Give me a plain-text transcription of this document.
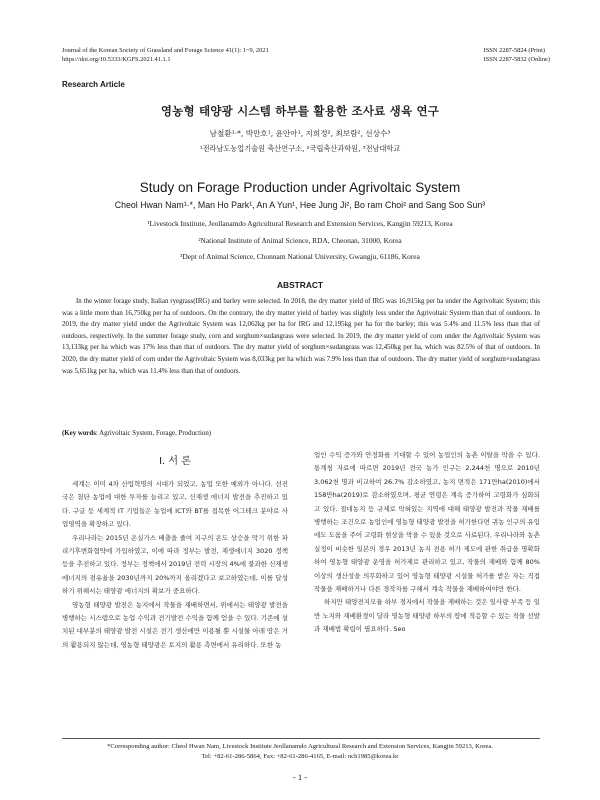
Journal of the Korean Society of Grassland and Forage Science 41(1): 1~9, 2021
https://doi.org/10.5333/KGFS.2021.41.1.1
ISSN 2287-5824 (Print)
ISSN 2287-5832 (Online)
Research Article
영농형 태양광 시스템 하부를 활용한 조사료 생육 연구
남철환¹·*, 박만호¹, 윤안아¹, 지희정², 최보람², 선상수³
¹전라남도농업기술원 축산연구소, ²국립축산과학원, ³전남대학교
Study on Forage Production under Agrivoltaic System
Cheol Hwan Nam¹·*, Man Ho Park¹, An A Yun¹, Hee Jung Ji², Bo ram Choi² and Sang Soo Sun³
¹Livestock Institute, Jeollanamdo Agricultural Research and Extension Services, Kangjin 59213, Korea
²National Institute of Animal Science, RDA, Cheonan, 31000, Korea
³Dept of Animal Science, Chonnam National University, Gwangju, 61186, Korea
ABSTRACT
In the winter forage study, Italian ryegrass(IRG) and barley were selected. In 2018, the dry matter yield of IRG was 16,915kg per ha under the Agrivoltaic System; this was a little more than 16,750kg per ha of outdoors. On the contrary, the dry matter yield of barley was slightly less under the Agrivoltaic System than that of outdoors. In 2019, the dry matter yield under the Agrivoltaic System was 12,062kg per ha for IRG and 12,195kg per ha for the barley; this was 5.4% and 11.5% less than that of outdoors, respectively. In the summer forage study, corn and sorghum×sudangrass were selected. In 2019, the dry matter yield of corn under the Agrivoltaic System was 13,133kg per ha which was 17% less than that of outdoors. The dry matter yield of sorghum×sudangrass was 12,450kg per ha, which was 82.5% of that of outdoors. In 2020, the dry matter yield of corn under the Agrivoltaic System was 8,033kg per ha which was 7.9% less than that of outdoors. The dry matter yield of sorghum×sudangrass was 5,651kg per ha, which was 11.4% less than that of outdoors.
(Key words: Agrivoltaic System, Forage, Production)
Ⅰ. 서 론

세계는 이미 4차 산업혁명의 시대가 되었고, 농업 또한 예외가 아니다. 선진국은 첨단 농업에 대한 투자를 늘리고 있고, 신재생 에너지 발전을 추진하고 있다. 구글 등 세계적 IT 기업들은 농업에 ICT와 BT를 접목한 어그테크 분야로 사업영역을 확장하고 있다.

우리나라는 2015년 온실가스 배출을 줄여 지구의 온도 상승을 막기 위한 파리기후변화협약에 가입하였고, 이에 따라 정부는 발전, 재생에너지 3020 정책 등을 추진하고 있다. 정부는 정책에서 2019년 전력 시장의 4%에 불과한 신재생 에너지의 점유율을 2030년까지 20%까지 올리겠다고 보고하였는데, 이를 달성하기 위해서는 태양광 에너지의 확보가 중요하다.

영농형 태양광 발전은 농지에서 작물을 재배하면서, 위에서는 태양광 발전을 병행하는 시스템으로 농업 수익과 전기발전 수익을 함께 얻을 수 있다. 기존에 설치된 대부분의 태양광 발전 시설은 전기 생산에만 이용될 뿐 시설물 아래 땅은 거의 활용되지 않는데, 영농형 태양광은 토지의 활용 측면에서 유리하다. 또한 농

업인 수익 증가와 안정화를 기대할 수 있어 농업인의 농촌 이탈을 막을 수 있다. 통계청 자료에 따르면 2019년 전국 농가 인구는 2,244천 명으로 2010년 3,062천 명과 비교하여 26.7% 감소하였고, 농지 면적은 171만ha(2010)에서 158만ha(2019)로 감소하였으며, 평균 연령은 계속 증가하여 고령화가 심화되고 있다. 절대농지 등 규제로 막혀있는 지역에 대해 태양광 발전과 작물 재배를 병행하는 조건으로 농업인에 영농형 태양광 발전을 허가한다면 귀농 인구의 유입에도 도움을 주어 고령화 현상을 막을 수 있을 것으로 사료된다. 우리나라와 농촌 실정이 비슷한 일본의 경우 2013년 농지 전용 허가 제도에 관한 취급을 명확화하여 영농형 태양광 운영을 허가제로 관리하고 있고, 작물의 재배와 함께 80% 이상의 생산성을 의무화하고 있어 영농형 태양광 시설물 허가를 받은 자는 직접 작물을 재배하거나 다른 경작자를 구해서 계속 작물을 재배하여야만 한다.

하지만 태양전지모듈 하부 경지에서 작물을 재배하는 것은 일사량 부족 등 일반 노지와 재배환경이 달라 영농형 태양광 하부의 땅에 적응할 수 있는 작물 선발과 재배법 확립이 필요하다. Seo

*Corresponding author: Cheol Hwan Nam, Livestock Institute Jeollanamdo Agricultural Research and Extension Services, Kangjin 59213, Korea.
Tel: +82-61-286-5864, Fax: +82-61-286-4165, E-mail: nch1985@korea.kr
- 1 -
